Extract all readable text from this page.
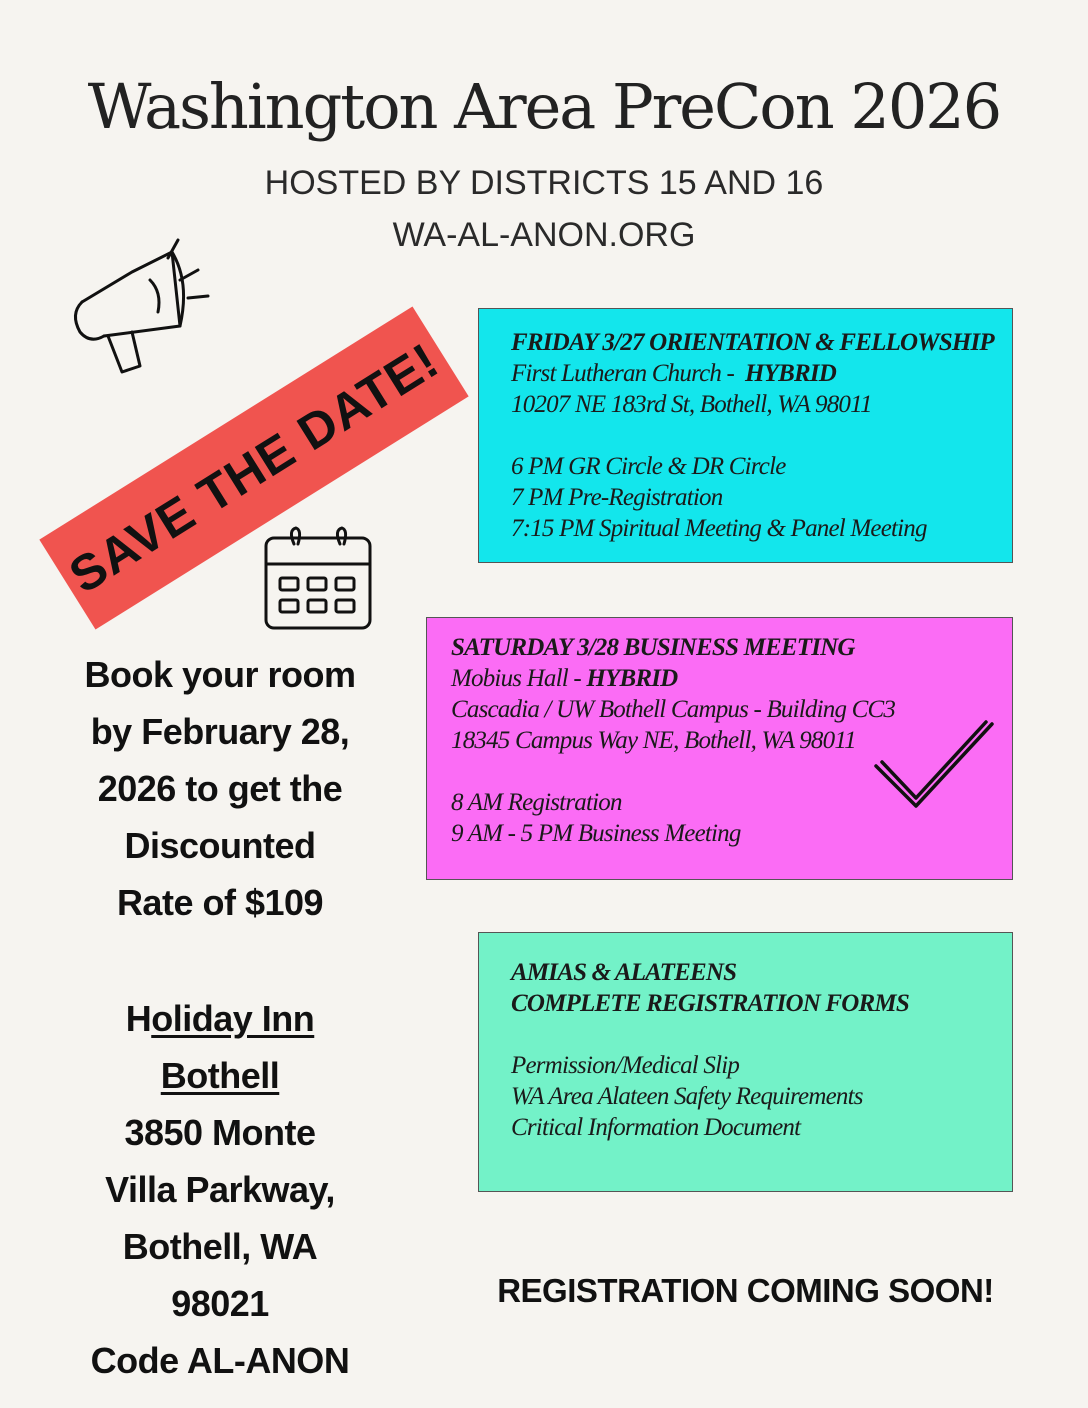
Washington Area PreCon 2026
HOSTED BY DISTRICTS 15 AND 16
WA-AL-ANON.ORG
SAVE THE DATE!	FRIDAY 3/27 ORIENTATION & FELLOWSHIP
First Lutheran Church - HYBRID
10207 NE 183rd St, Bothell, WA 98011
6 PM GR Circle & DR Circle
7 PM Pre-Registration
7:15 PM Spiritual Meeting & Panel Meeting
SATURDAY 3/28 BUSINESS MEETING
Mobius Hall - HYBRID
Cascadia / UW Bothell Campus - Building CC3
18345 Campus Way NE, Bothell, WA 98011
8 AM Registration
9 AM - 5 PM Business Meeting
AMIAS & ALATEENS
COMPLETE REGISTRATION FORMS
Permission/Medical Slip
WA Area Alateen Safety Requirements
Critical Information Document
Book your room
by February 28,
2026 to get the
Discounted
Rate of $109
Holiday Inn
Bothell
3850 Monte
Villa Parkway,
Bothell, WA
98021
Code AL-ANON
REGISTRATION COMING SOON!
